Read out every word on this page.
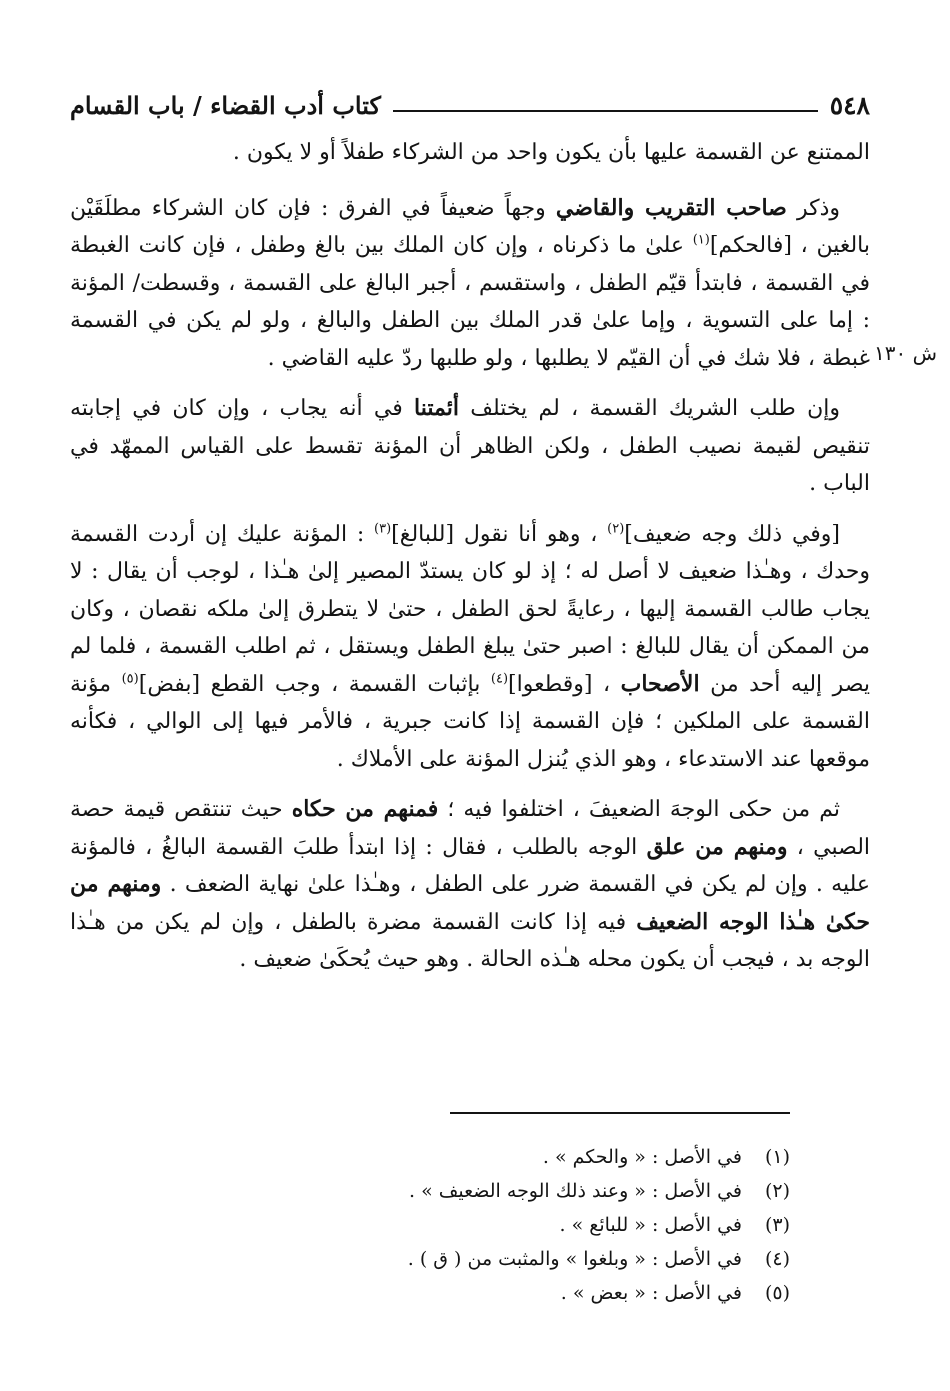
٥٤٨
كتاب أدب القضاء / باب القسام

الممتنع عن القسمة عليها بأن يكون واحد من الشركاء طفلاً أو لا يكون .

وذكر صاحب التقريب والقاضي وجهاً ضعيفاً في الفرق : فإن كان الشركاء مطلَقَيْن بالغين ، [فالحكم]$^{(١)}$ علىٰ ما ذكرناه ، وإن كان الملك بين بالغ وطفل ، فإن كانت الغبطة في القسمة ، فابتدأ قيّم الطفل ، واستقسم ، أجبر البالغ على القسمة ، وقسطت/ المؤنة : إما على التسوية ، وإما علىٰ قدر الملك بين الطفل والبالغ ، ولو لم يكن في القسمة غبطة ، فلا شك في أن القيّم لا يطلبها ، ولو طلبها ردّ عليه القاضي .

وإن طلب الشريك القسمة ، لم يختلف أئمتنا في أنه يجاب ، وإن كان في إجابته تنقيص لقيمة نصيب الطفل ، ولكن الظاهر أن المؤنة تقسط على القياس الممهّد في الباب .

[وفي ذلك وجه ضعيف]$^{(٢)}$ ، وهو أنا نقول [للبالغ]$^{(٣)}$ : المؤنة عليك إن أردت القسمة وحدك ، وهـٰذا ضعيف لا أصل له ؛ إذ لو كان يستدّ المصير إلىٰ هـٰذا ، لوجب أن يقال : لا يجاب طالب القسمة إليها ، رعايةً لحق الطفل ، حتىٰ لا يتطرق إلىٰ ملكه نقصان ، وكان من الممكن أن يقال للبالغ : اصبر حتىٰ يبلغ الطفل ويستقل ، ثم اطلب القسمة ، فلما لم يصر إليه أحد من الأصحاب ، [وقطعوا]$^{(٤)}$ بإثبات القسمة ، وجب القطع [بفض]$^{(٥)}$ مؤنة القسمة على الملكين ؛ فإن القسمة إذا كانت جبرية ، فالأمر فيها إلى الوالي ، فكأنه موقعها عند الاستدعاء ، وهو الذي يُنزل المؤنة على الأملاك .

ثم من حكى الوجهَ الضعيفَ ، اختلفوا فيه ؛ فمنهم من حكاه حيث تنتقص قيمة حصة الصبي ، ومنهم من علق الوجه بالطلب ، فقال : إذا ابتدأ طلبَ القسمة البالغُ ، فالمؤنة عليه . وإن لم يكن في القسمة ضرر على الطفل ، وهـٰذا علىٰ نهاية الضعف . ومنهم من حكىٰ هـٰذا الوجه الضعيف فيه إذا كانت القسمة مضرة بالطفل ، وإن لم يكن من هـٰذا الوجه بد ، فيجب أن يكون محله هـٰذه الحالة . وهو حيث يُحكَىٰ ضعيف .

(١)
في الأصل : « والحكم » .
(٢)
في الأصل : « وعند ذلك الوجه الضعيف » .
(٣)
في الأصل : « للبائع » .
(٤)
في الأصل : « وبلغوا » والمثبت من ( ق ) .
(٥)
في الأصل : « بعض » .
ش ١٣٠
